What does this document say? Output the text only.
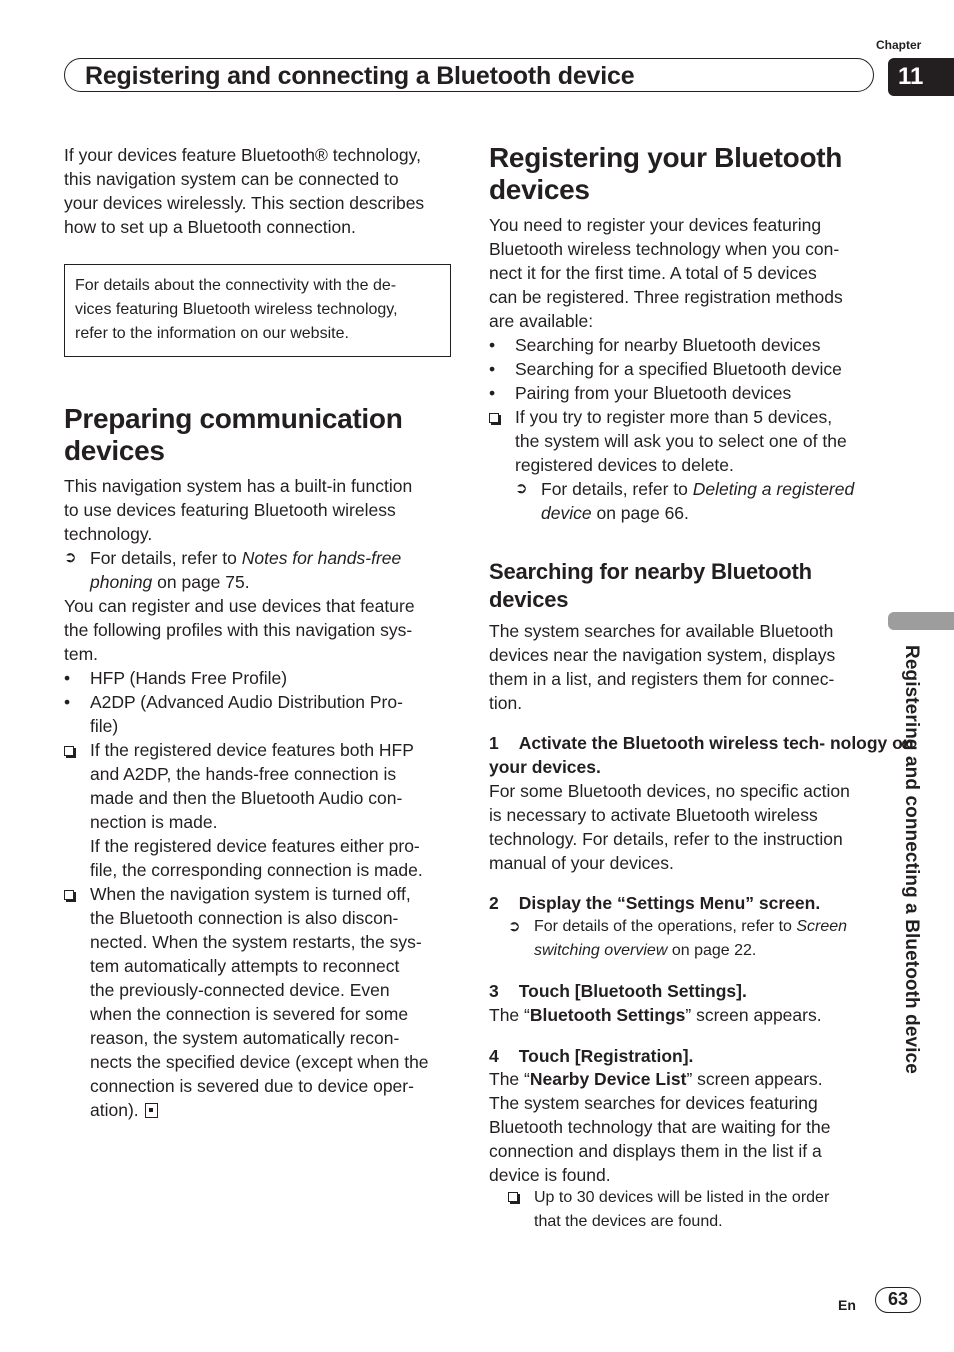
Chapter
Registering and connecting a Bluetooth device	11
Registering and connecting a Bluetooth device
If your devices feature Bluetooth® technology,
this navigation system can be connected to
your devices wirelessly. This section describes
how to set up a Bluetooth connection.
For details about the connectivity with the de-
vices featuring Bluetooth wireless technology,
refer to the information on our website.
Preparing communication
devices
This navigation system has a built-in function
to use devices featuring Bluetooth wireless
technology.
➲ For details, refer to Notes for hands-free
phoning on page 75.
You can register and use devices that feature
the following profiles with this navigation sys-
tem.
•	HFP (Hands Free Profile)
•	A2DP (Advanced Audio Distribution Pro-
file)
If the registered device features both HFP
and A2DP, the hands-free connection is
made and then the Bluetooth Audio con-
nection is made.
If the registered device features either pro-
file, the corresponding connection is made.
When the navigation system is turned off,
the Bluetooth connection is also discon-
nected. When the system restarts, the sys-
tem automatically attempts to reconnect
the previously-connected device. Even
when the connection is severed for some
reason, the system automatically recon-
nects the specified device (except when the
connection is severed due to device oper-
ation).
Registering your Bluetooth
devices
You need to register your devices featuring
Bluetooth wireless technology when you con-
nect it for the first time. A total of 5 devices
can be registered. Three registration methods
are available:
•	Searching for nearby Bluetooth devices
•	Searching for a specified Bluetooth device
•	Pairing from your Bluetooth devices
If you try to register more than 5 devices,
the system will ask you to select one of the
registered devices to delete.
➲ For details, refer to Deleting a registered
device on page 66.
Searching for nearby Bluetooth
devices
The system searches for available Bluetooth
devices near the navigation system, displays
them in a list, and registers them for connec-
tion.
1 Activate the Bluetooth wireless tech- nology on your devices.
For some Bluetooth devices, no specific action
is necessary to activate Bluetooth wireless
technology. For details, refer to the instruction
manual of your devices.
2 Display the “Settings Menu” screen.
➲ For details of the operations, refer to Screen
switching overview on page 22.
3 Touch [Bluetooth Settings].
The “Bluetooth Settings” screen appears.
4 Touch [Registration].
The “Nearby Device List” screen appears.
The system searches for devices featuring
Bluetooth technology that are waiting for the
connection and displays them in the list if a
device is found.
Up to 30 devices will be listed in the order
that the devices are found.
En	63
